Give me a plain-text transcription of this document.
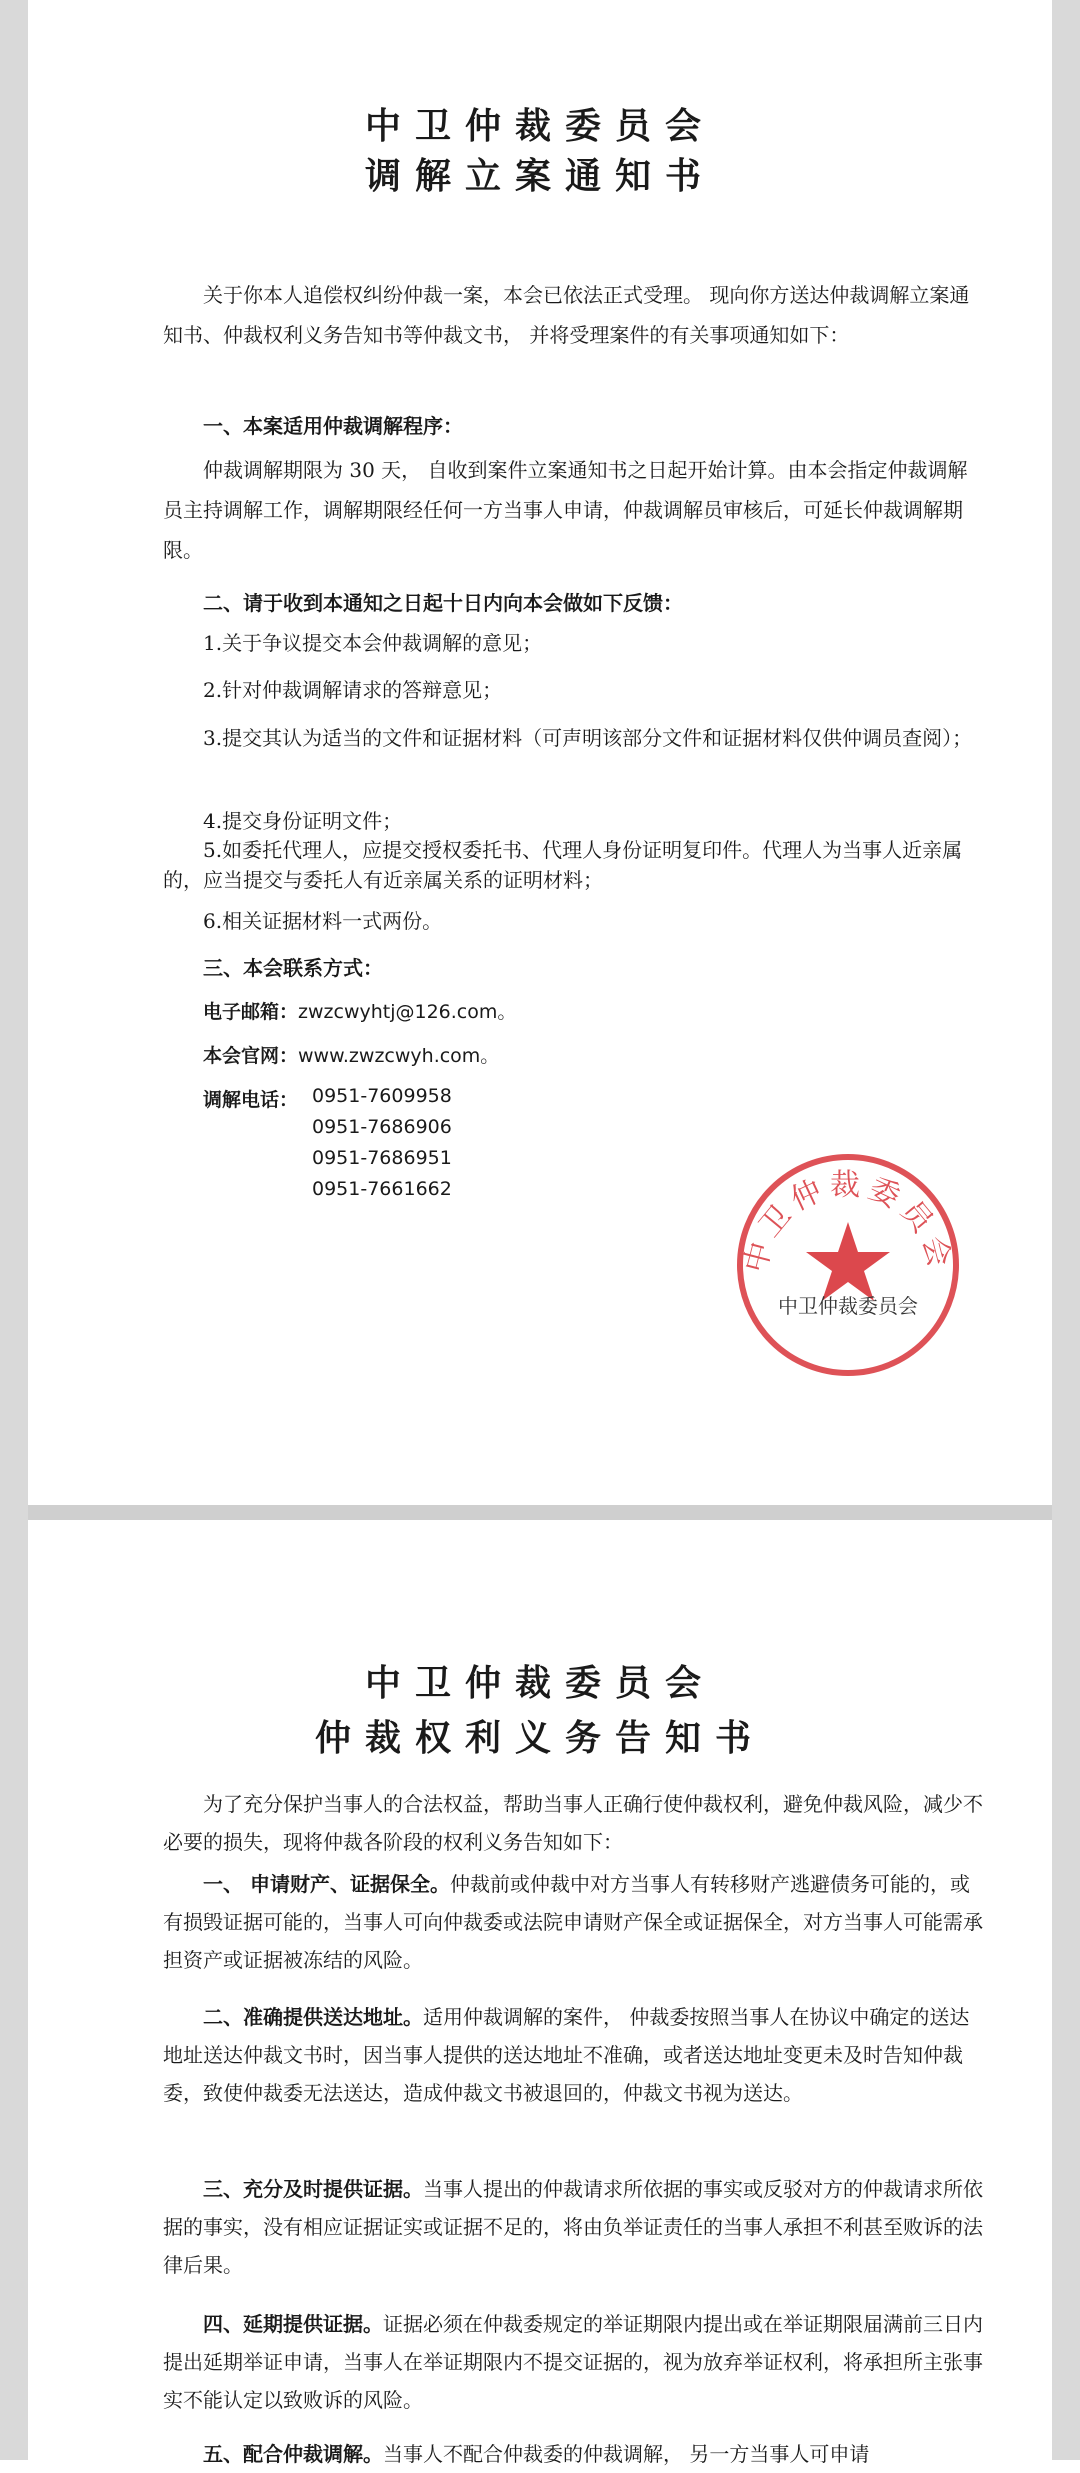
中卫仲裁委员会
调解立案通知书
关于你本人追偿权纠纷仲裁一案，本会已依法正式受理。 现向你方送达仲裁调解立案通知书、仲裁权利义务告知书等仲裁文书， 并将受理案件的有关事项通知如下：
一、本案适用仲裁调解程序：
仲裁调解期限为 30 天， 自收到案件立案通知书之日起开始计算。由本会指定仲裁调解员主持调解工作，调解期限经任何一方当事人申请，仲裁调解员审核后，可延长仲裁调解期限。
二、请于收到本通知之日起十日内向本会做如下反馈：
1.关于争议提交本会仲裁调解的意见；
2.针对仲裁调解请求的答辩意见；
3.提交其认为适当的文件和证据材料（可声明该部分文件和证据材料仅供仲调员查阅）；
4.提交身份证明文件；
5.如委托代理人，应提交授权委托书、代理人身份证明复印件。代理人为当事人近亲属的，应当提交与委托人有近亲属关系的证明材料；
6.相关证据材料一式两份。
三、本会联系方式：
电子邮箱：zwzcwyhtj@126.com。
本会官网：www.zwzcwyh.com。
调解电话： 0951-7609958
0951-7686906
0951-7686951
0951-7661662
中卫仲裁委员会
中卫仲裁委员会
中卫仲裁委员会
仲裁权利义务告知书
为了充分保护当事人的合法权益，帮助当事人正确行使仲裁权利，避免仲裁风险，减少不必要的损失，现将仲裁各阶段的权利义务告知如下：
一、 申请财产、证据保全。仲裁前或仲裁中对方当事人有转移财产逃避债务可能的，或有损毁证据可能的，当事人可向仲裁委或法院申请财产保全或证据保全，对方当事人可能需承担资产或证据被冻结的风险。
二、准确提供送达地址。适用仲裁调解的案件， 仲裁委按照当事人在协议中确定的送达地址送达仲裁文书时，因当事人提供的送达地址不准确，或者送达地址变更未及时告知仲裁委，致使仲裁委无法送达，造成仲裁文书被退回的，仲裁文书视为送达。
三、充分及时提供证据。当事人提出的仲裁请求所依据的事实或反驳对方的仲裁请求所依据的事实，没有相应证据证实或证据不足的，将由负举证责任的当事人承担不利甚至败诉的法律后果。
四、延期提供证据。证据必须在仲裁委规定的举证期限内提出或在举证期限届满前三日内提出延期举证申请，当事人在举证期限内不提交证据的，视为放弃举证权利，将承担所主张事实不能认定以致败诉的风险。
五、配合仲裁调解。当事人不配合仲裁委的仲裁调解， 另一方当事人可申请
